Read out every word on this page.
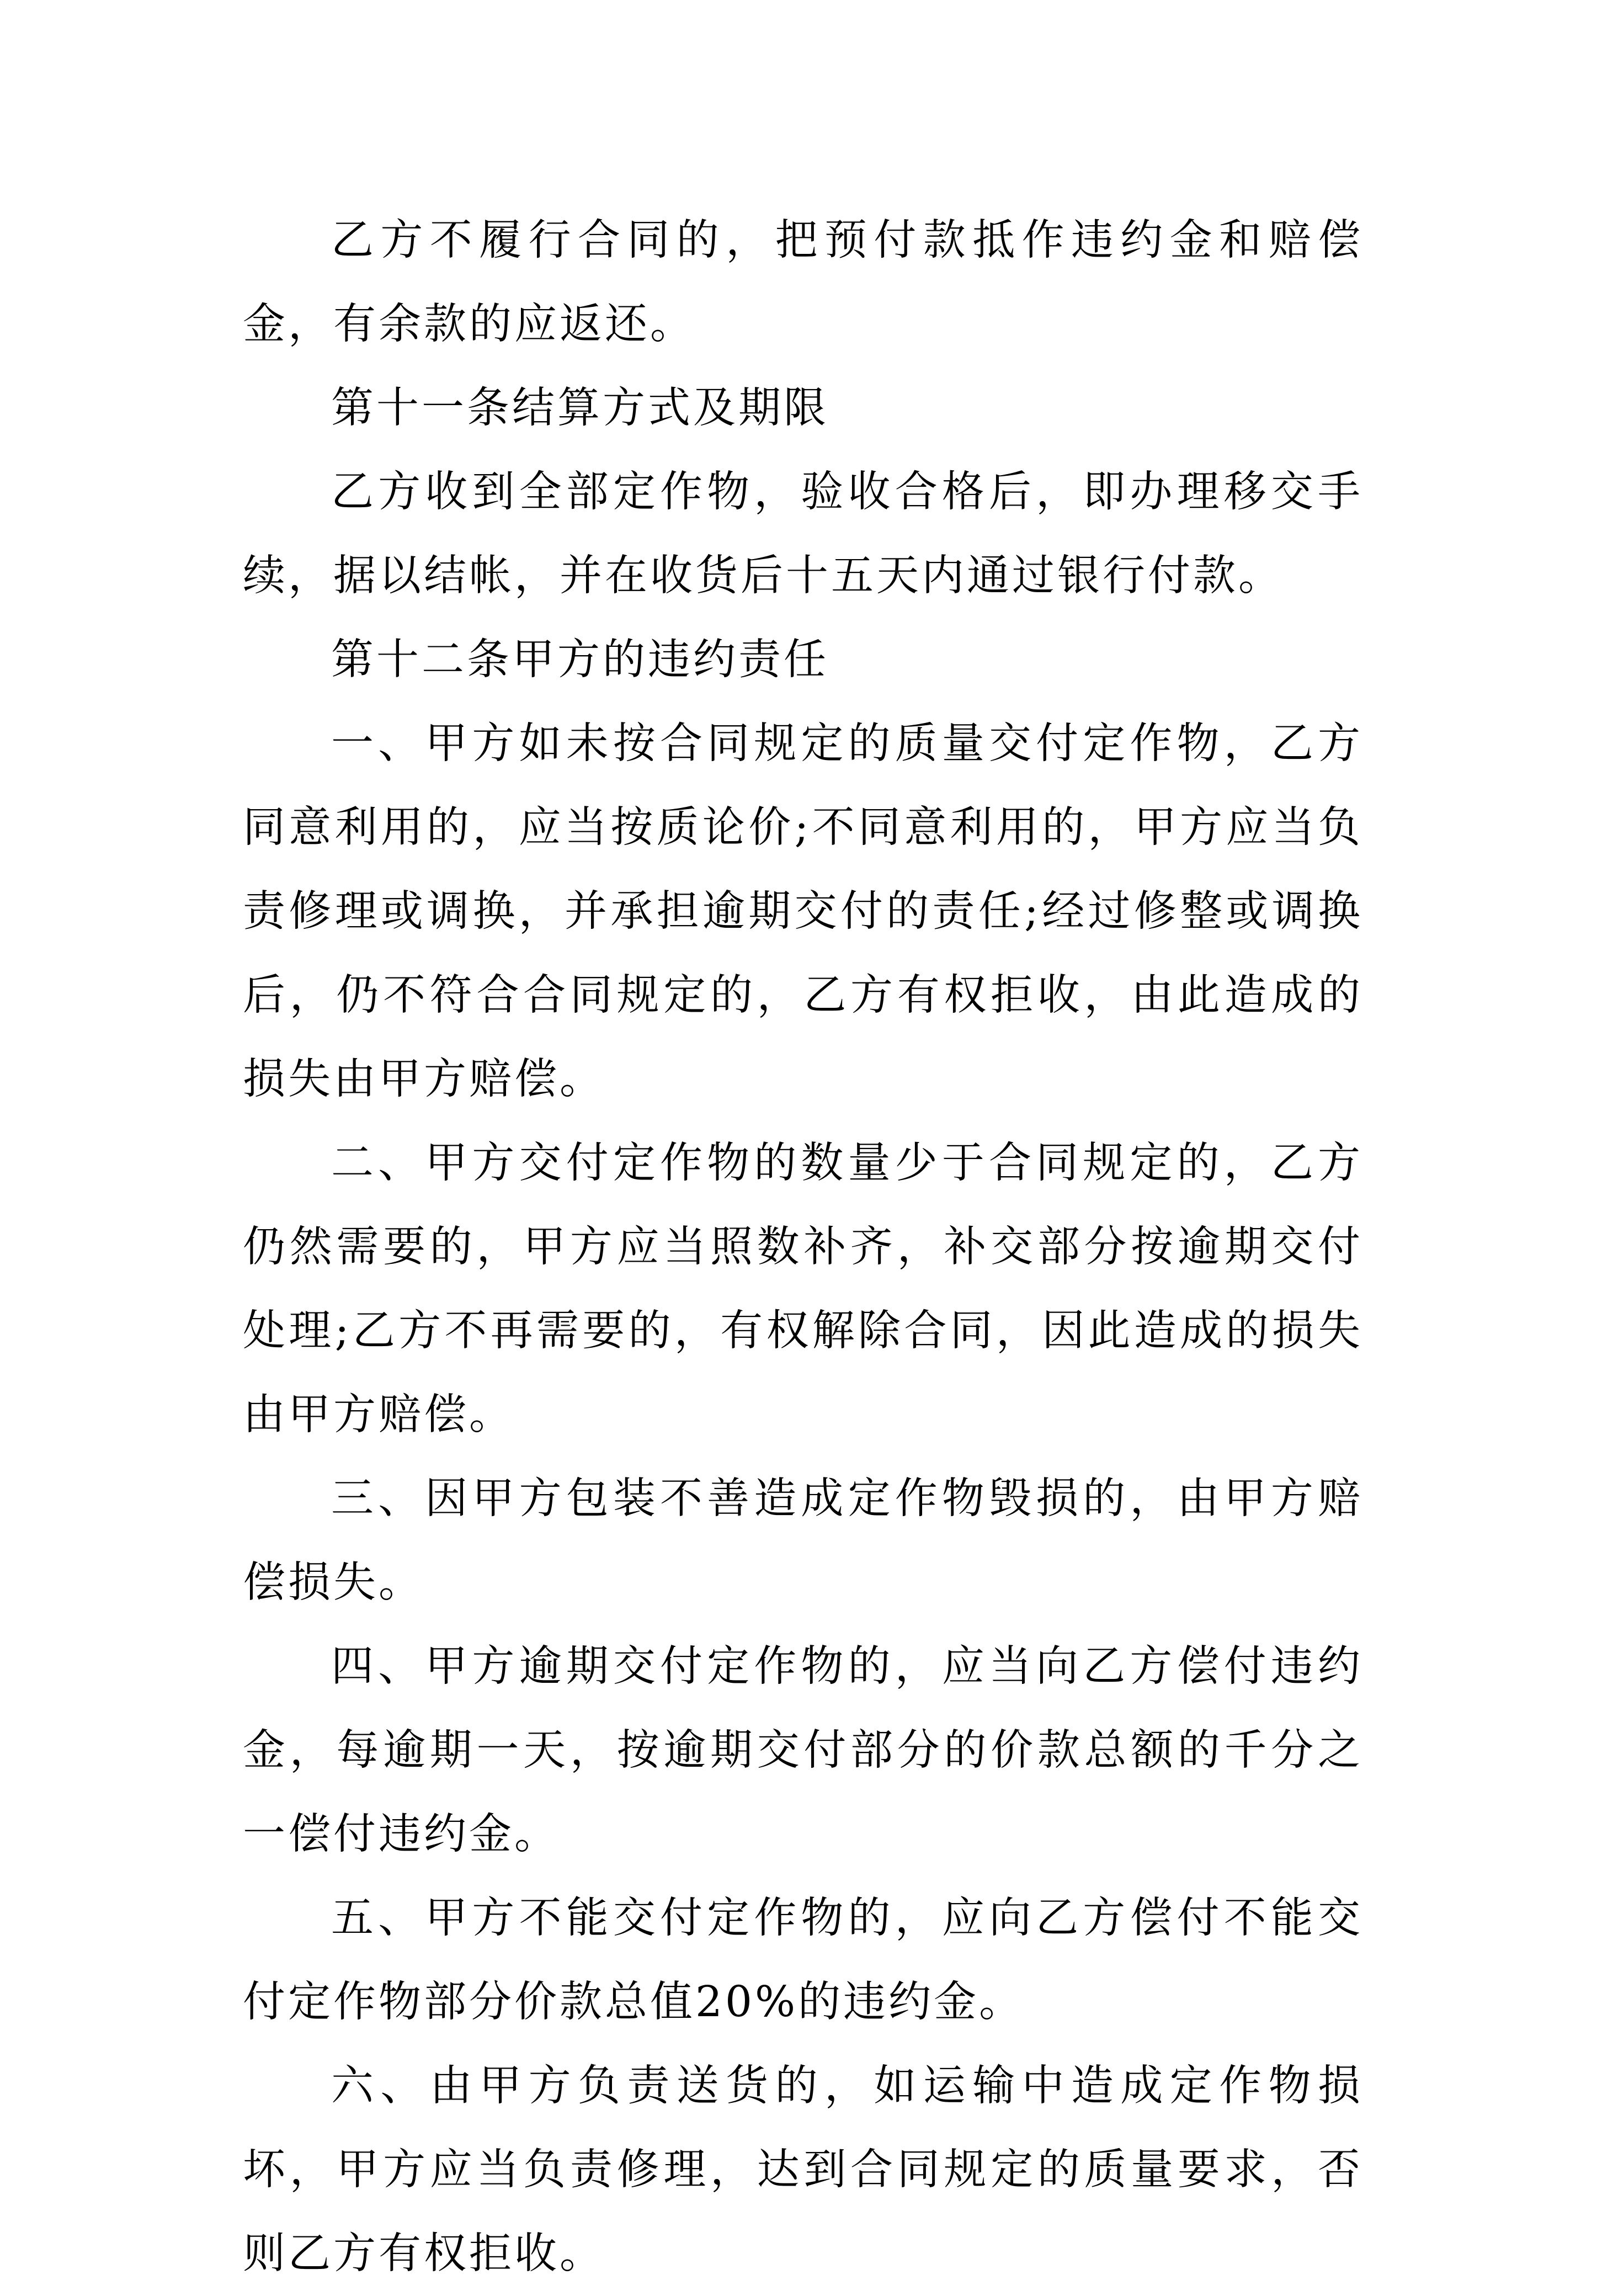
乙方不履行合同的，把预付款抵作违约金和赔偿金，有余款的应返还。

第十一条结算方式及期限

乙方收到全部定作物，验收合格后，即办理移交手续，据以结帐，并在收货后十五天内通过银行付款。

第十二条甲方的违约责任

一、甲方如未按合同规定的质量交付定作物，乙方同意利用的，应当按质论价;不同意利用的，甲方应当负责修理或调换，并承担逾期交付的责任;经过修整或调换后，仍不符合合同规定的，乙方有权拒收，由此造成的损失由甲方赔偿。

二、甲方交付定作物的数量少于合同规定的，乙方仍然需要的，甲方应当照数补齐，补交部分按逾期交付处理;乙方不再需要的，有权解除合同，因此造成的损失由甲方赔偿。

三、因甲方包装不善造成定作物毁损的，由甲方赔偿损失。

四、甲方逾期交付定作物的，应当向乙方偿付违约金，每逾期一天，按逾期交付部分的价款总额的千分之一偿付违约金。

五、甲方不能交付定作物的，应向乙方偿付不能交付定作物部分价款总值20%的违约金。

六、由甲方负责送货的，如运输中造成定作物损坏，甲方应当负责修理，达到合同规定的质量要求，否则乙方有权拒收。
